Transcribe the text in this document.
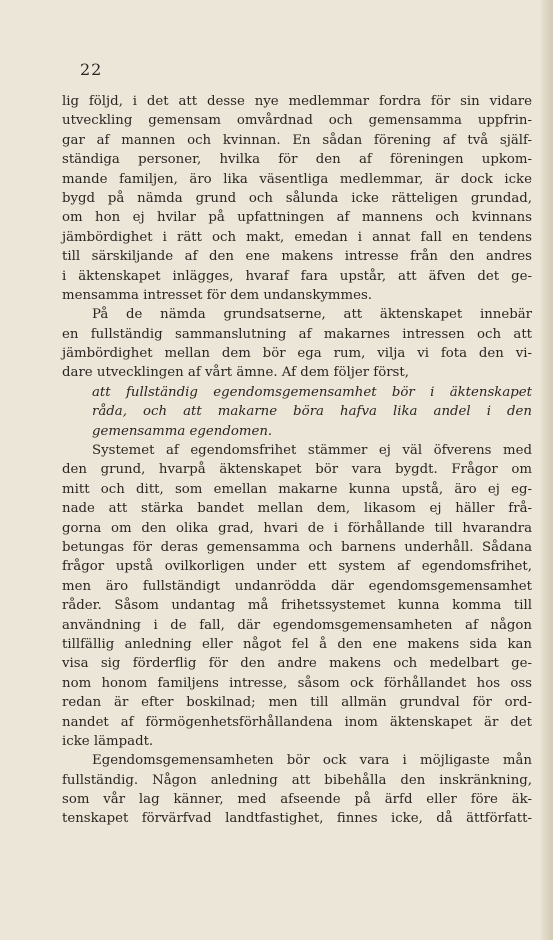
22
lig följd, i det att desse nye medlemmar fordra för sin vidare
utveckling gemensam omvårdnad och gemensamma uppfrin-
gar af mannen och kvinnan. En sådan förening af två själf-
ständiga personer, hvilka för den af föreningen upkom-
mande familjen, äro lika väsentliga medlemmar, är dock icke
bygd på nämda grund och sålunda icke rätteligen grundad,
om hon ej hvilar på upfattningen af mannens och kvinnans
jämbördighet i rätt och makt, emedan i annat fall en tendens
till särskiljande af den ene makens intresse från den andres
i äktenskapet inlägges, hvaraf fara upstår, att äfven det ge-
mensamma intresset för dem undanskymmes.
På de nämda grundsatserne, att äktenskapet innebär
en fullständig sammanslutning af makarnes intressen och att
jämbördighet mellan dem bör ega rum, vilja vi fota den vi-
dare utvecklingen af vårt ämne. Af dem följer först,
att fullständig egendomsgemensamhet bör i äktenskapet
råda, och att makarne böra hafva lika andel i den
gemensamma egendomen.
Systemet af egendomsfrihet stämmer ej väl öfverens med
den grund, hvarpå äktenskapet bör vara bygdt. Frågor om
mitt och ditt, som emellan makarne kunna upstå, äro ej eg-
nade att stärka bandet mellan dem, likasom ej häller frå-
gorna om den olika grad, hvari de i förhållande till hvarandra
betungas för deras gemensamma och barnens underhåll. Sådana
frågor upstå ovilkorligen under ett system af egendomsfrihet,
men äro fullständigt undanrödda där egendomsgemensamhet
råder. Såsom undantag må frihetssystemet kunna komma till
användning i de fall, där egendomsgemensamheten af någon
tillfällig anledning eller något fel å den ene makens sida kan
visa sig förderflig för den andre makens och medelbart ge-
nom honom familjens intresse, såsom ock förhållandet hos oss
redan är efter boskilnad; men till allmän grundval för ord-
nandet af förmögenhetsförhållandena inom äktenskapet är det
icke lämpadt.
Egendomsgemensamheten bör ock vara i möjligaste mån
fullständig. Någon anledning att bibehålla den inskränkning,
som vår lag känner, med afseende på ärfd eller före äk-
tenskapet förvärfvad landtfastighet, finnes icke, då ättförfatt-
